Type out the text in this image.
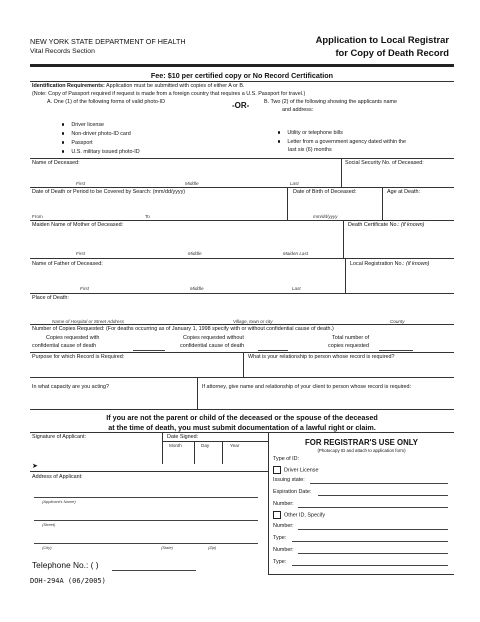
NEW YORK STATE DEPARTMENT OF HEALTH
Vital Records Section
Application to Local Registrar
for Copy of Death Record
Fee: $10 per certified copy or No Record Certification
Identification Requirements: Application must be submitted with copies of either A or B.
(Note: Copy of Passport required if request is made from a foreign country that requires a U.S. Passport for travel.)
A. One (1) of the following forms of valid photo-ID	-OR-	B. Two (2) of the following showing the applicants name
and address:
Driver license
Non-driver photo-ID card
Passport
U.S. military issued photo-ID
Utility or telephone bills
Letter from a government agency dated within the
last six (6) months
Name of Deceased:	Social Security No. of Deceased:
First	Middle	Last
Date of Death or Period to be Covered by Search: (mm/dd/yyyy)	Date of Birth of Deceased:	Age at Death:
From	To	mm/dd/yyyy
Maiden Name of Mother of Deceased:	Death Certificate No.: (if known)
First	Middle	Maiden Last
Name of Father of Deceased:	Local Registration No.: (if known)
First	Middle	Last
Place of Death:
Name of Hospital or Street Address	Village, town or city	County
Number of Copies Requested: (For deaths occurring as of January 1, 1998 specify with or without confidential cause of death.)
Copies requested with
confidential cause of death
Copies requested without
confidential cause of death
Total number of
copies requested
Purpose for which Record is Required:	What is your relationship to person whose record is required?
In what capacity are you acting?	If attorney, give name and relationship of your client to person whose record is required:
If you are not the parent or child of the deceased or the spouse of the deceased
at the time of death, you must submit documentation of a lawful right or claim.
Signature of Applicant:	Date Signed:
Month	Day	Year
➤
Address of Applicant:
(Applicant's Name)
(Street)
(City)	(State)	(Zip)
Telephone No.: ( )
DOH-294A (06/2005)
FOR REGISTRAR'S USE ONLY
(Photocopy ID and attach to application form)
Type of ID:
Driver License
Issuing state:
Expiration Date:
Number:
Other ID, Specify
Number:
Type:
Number:
Type:
